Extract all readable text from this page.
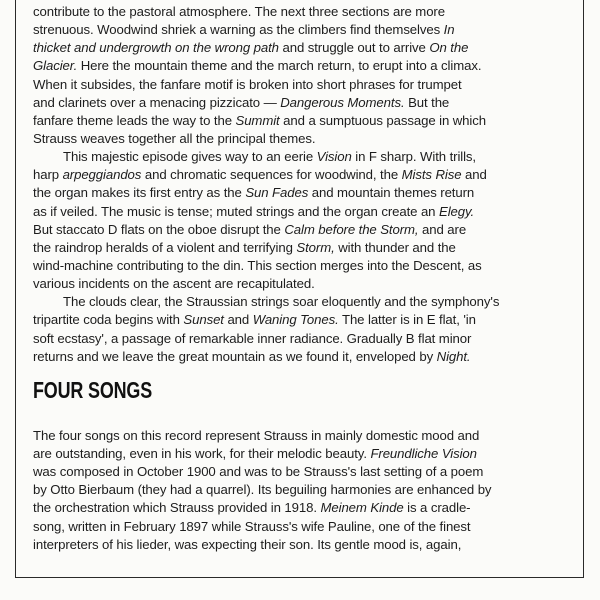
contribute to the pastoral atmosphere. The next three sections are more
strenuous. Woodwind shriek a warning as the climbers find themselves In
thicket and undergrowth on the wrong path and struggle out to arrive On the
Glacier. Here the mountain theme and the march return, to erupt into a climax.
When it subsides, the fanfare motif is broken into short phrases for trumpet
and clarinets over a menacing pizzicato — Dangerous Moments. But the
fanfare theme leads the way to the Summit and a sumptuous passage in which
Strauss weaves together all the principal themes.

This majestic episode gives way to an eerie Vision in F sharp. With trills,
harp arpeggiandos and chromatic sequences for woodwind, the Mists Rise and
the organ makes its first entry as the Sun Fades and mountain themes return
as if veiled. The music is tense; muted strings and the organ create an Elegy.
But staccato D flats on the oboe disrupt the Calm before the Storm, and are
the raindrop heralds of a violent and terrifying Storm, with thunder and the
wind-machine contributing to the din. This section merges into the Descent, as
various incidents on the ascent are recapitulated.

The clouds clear, the Straussian strings soar eloquently and the symphony's
tripartite coda begins with Sunset and Waning Tones. The latter is in E flat, 'in
soft ecstasy', a passage of remarkable inner radiance. Gradually B flat minor
returns and we leave the great mountain as we found it, enveloped by Night.

FOUR SONGS

The four songs on this record represent Strauss in mainly domestic mood and
are outstanding, even in his work, for their melodic beauty. Freundliche Vision
was composed in October 1900 and was to be Strauss's last setting of a poem
by Otto Bierbaum (they had a quarrel). Its beguiling harmonies are enhanced by
the orchestration which Strauss provided in 1918. Meinem Kinde is a cradle-
song, written in February 1897 while Strauss's wife Pauline, one of the finest
interpreters of his lieder, was expecting their son. Its gentle mood is, again,
